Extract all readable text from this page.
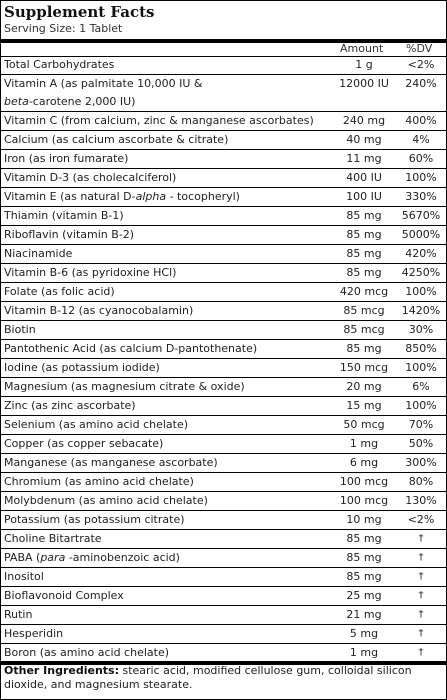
Supplement Facts
Serving Size: 1 Tablet
Amount %DV
Total Carbohydrates	1 g	<2%
Vitamin A (as palmitate 10,000 IU &
beta-carotene 2,000 IU)
12000 IU	240%
Vitamin C (from calcium, zinc & manganese ascorbates)	240 mg	400%
Calcium (as calcium ascorbate & citrate)	40 mg	4%
Iron (as iron fumarate)	11 mg	60%
Vitamin D-3 (as cholecalciferol)	400 IU	100%
Vitamin E (as natural D-alpha - tocopheryl)	100 IU	330%
Thiamin (vitamin B-1)	85 mg	5670%
Riboflavin (vitamin B-2)	85 mg	5000%
Niacinamide	85 mg	420%
Vitamin B-6 (as pyridoxine HCl)	85 mg	4250%
Folate (as folic acid)	420 mcg	100%
Vitamin B-12 (as cyanocobalamin)	85 mcg	1420%
Biotin	85 mcg	30%
Pantothenic Acid (as calcium D-pantothenate)	85 mg	850%
Iodine (as potassium iodide)	150 mcg	100%
Magnesium (as magnesium citrate & oxide)	20 mg	6%
Zinc (as zinc ascorbate)	15 mg	100%
Selenium (as amino acid chelate)	50 mcg	70%
Copper (as copper sebacate)	1 mg	50%
Manganese (as manganese ascorbate)	6 mg	300%
Chromium (as amino acid chelate)	100 mcg	80%
Molybdenum (as amino acid chelate)	100 mcg	130%
Potassium (as potassium citrate)	10 mg	<2%
Choline Bitartrate	85 mg	†
PABA (para -aminobenzoic acid)	85 mg	†
Inositol	85 mg	†
Bioflavonoid Complex	25 mg	†
Rutin	21 mg	†
Hesperidin	5 mg	†
Boron (as amino acid chelate)	1 mg	†
Other Ingredients: stearic acid, modified cellulose gum, colloidal silicon dioxide, and magnesium stearate.
